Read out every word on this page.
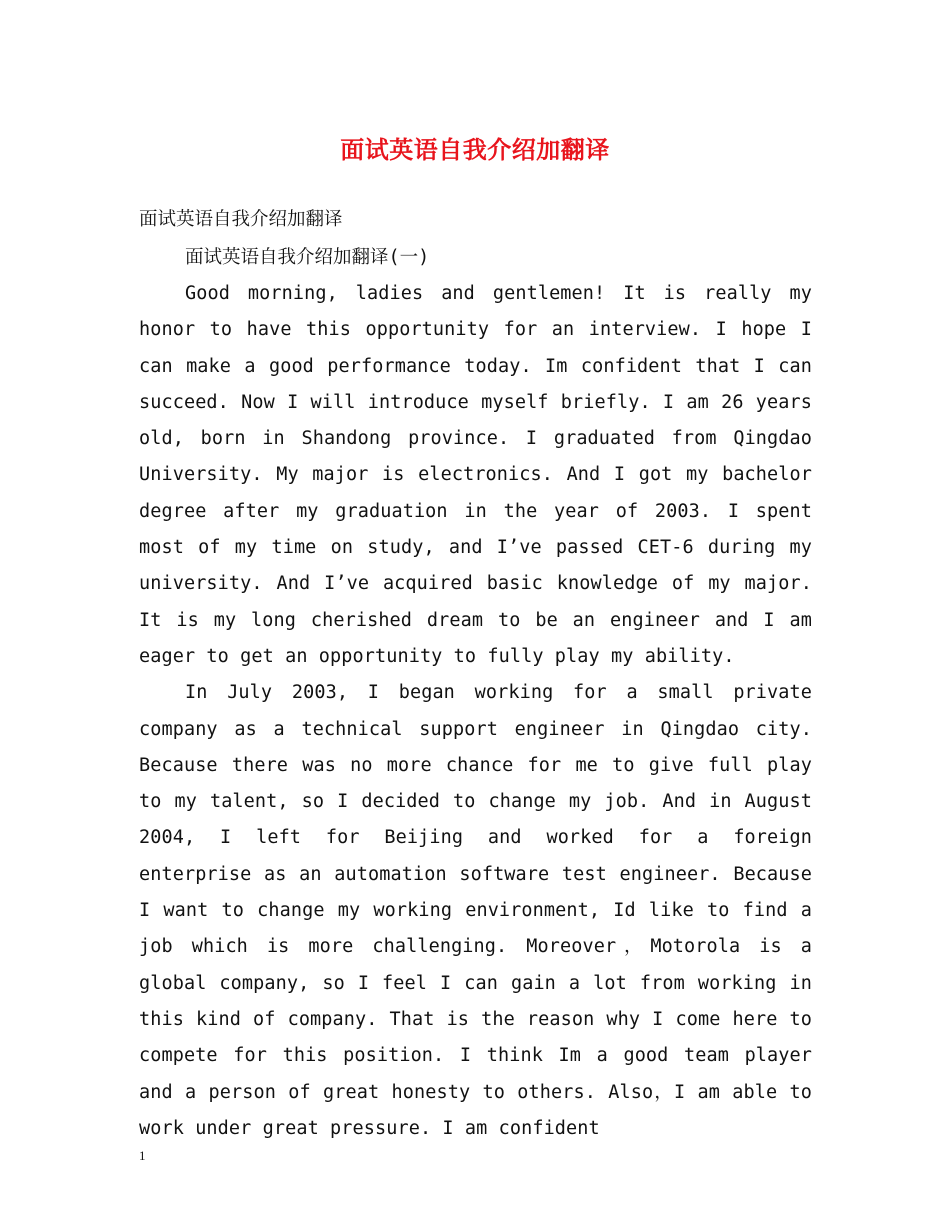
面试英语自我介绍加翻译

面试英语自我介绍加翻译

面试英语自我介绍加翻译(一)

Good morning, ladies and gentlemen! It is really my honor to have this opportunity for an interview. I hope I can make a good performance today. Im confident that I can succeed. Now I will introduce myself briefly. I am 26 years old, born in Shandong province. I graduated from Qingdao University. My major is electronics. And I got my bachelor degree after my graduation in the year of 2003. I spent most of my time on study, and I’ve passed CET-6 during my university. And I’ve acquired basic knowledge of my major. It is my long cherished dream to be an engineer and I am eager to get an opportunity to fully play my ability.

In July 2003, I began working for a small private company as a technical support engineer in Qingdao city. Because there was no more chance for me to give full play to my talent, so I decided to change my job. And in August 2004, I left for Beijing and worked for a foreign enterprise as an automation software test engineer. Because I want to change my working environment, Id like to find a job which is more challenging. Moreover，Motorola is a global company, so I feel I can gain a lot from working in this kind of company. That is the reason why I come here to compete for this position. I think Im a good team player and a person of great honesty to others. Also，I am able to work under great pressure. I am confident

1
